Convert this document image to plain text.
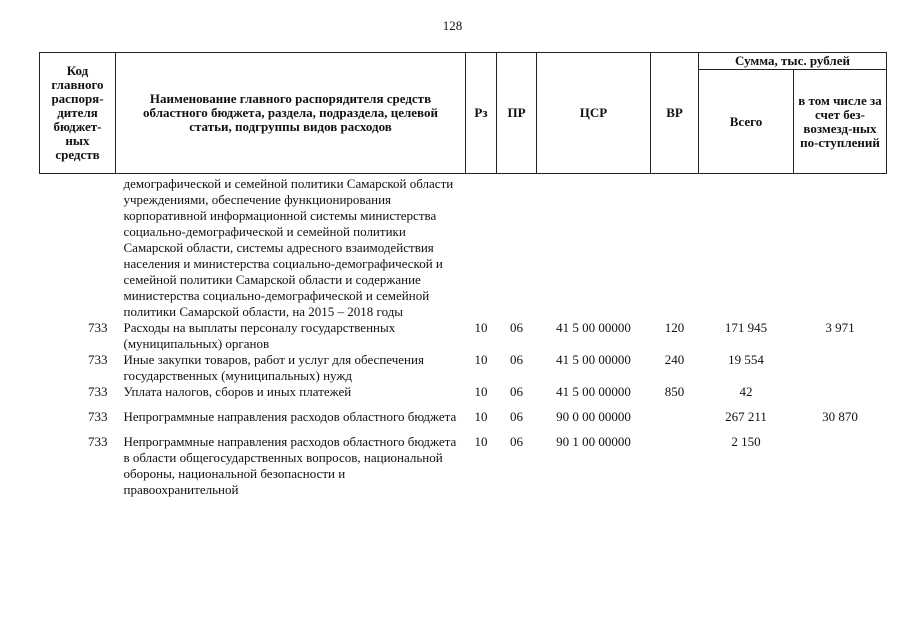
128
Код главного распоря-дителя бюджет-ных средств	Наименование главного распорядителя средств областного бюджета, раздела, подраздела, целевой статьи, подгруппы видов расходов	Рз	ПР	ЦСР	ВР	Сумма, тыс. рублей	
						Всего	в том числе за счет без-возмезд-ных по-ступлений
	демографической и семейной политики Самарской области учреждениями, обеспечение функционирования корпоративной информационной системы министерства социально-демографической и семейной политики Самарской области, системы адресного взаимодействия населения и министерства социально-демографической и семейной политики Самарской области и содержание министерства социально-демографической и семейной политики Самарской области, на 2015 – 2018 годы						
733	Расходы на выплаты персоналу государственных (муниципальных) органов	10	06	41 5 00 00000	120	171 945	3 971
733	Иные закупки товаров, работ и услуг для обеспечения государственных (муниципальных) нужд	10	06	41 5 00 00000	240	19 554	
733	Уплата налогов, сборов и иных платежей	10	06	41 5 00 00000	850	42	
733	Непрограммные направления расходов областного бюджета	10	06	90 0 00 00000		267 211	30 870
733	Непрограммные направления расходов областного бюджета в области общегосударственных вопросов, национальной обороны, национальной безопасности и правоохранительной	10	06	90 1 00 00000		2 150	
